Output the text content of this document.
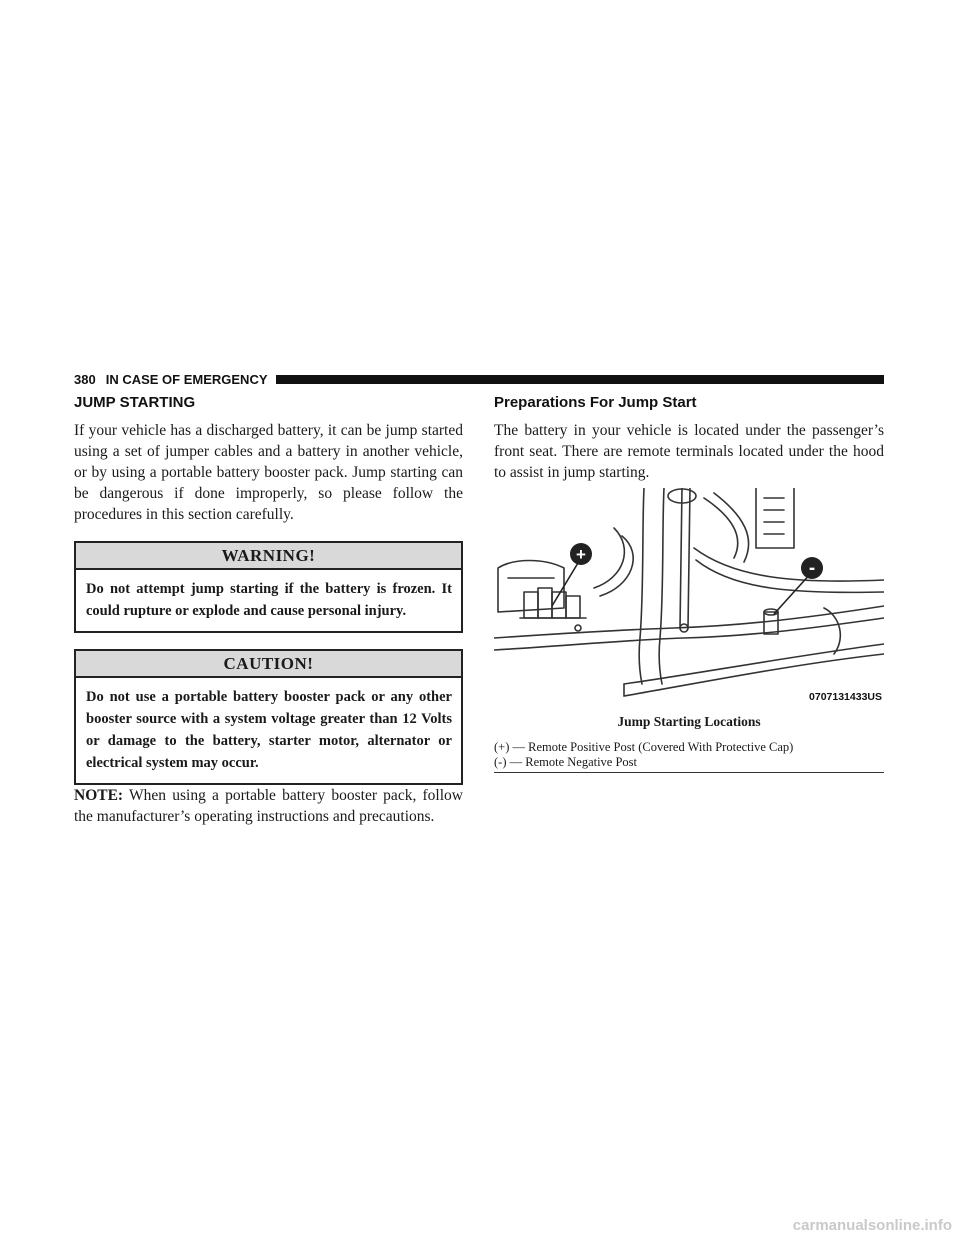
380 IN CASE OF EMERGENCY
JUMP STARTING

If your vehicle has a discharged battery, it can be jump started using a set of jumper cables and a battery in another vehicle, or by using a portable battery booster pack. Jump starting can be dangerous if done improperly, so please follow the procedures in this section carefully.

WARNING!
Do not attempt jump starting if the battery is frozen. It could rupture or explode and cause personal injury.
CAUTION!
Do not use a portable battery booster pack or any other booster source with a system voltage greater than 12 Volts or damage to the battery, starter motor, alternator or electrical system may occur.

NOTE: When using a portable battery booster pack, follow the manufacturer’s operating instructions and precautions.

Preparations For Jump Start

The battery in your vehicle is located under the passenger’s front seat. There are remote terminals located under the hood to assist in jump starting.

+
-
0707131433US
Jump Starting Locations
(+) — Remote Positive Post (Covered With Protective Cap)
(-) — Remote Negative Post
carmanualsonline.info
